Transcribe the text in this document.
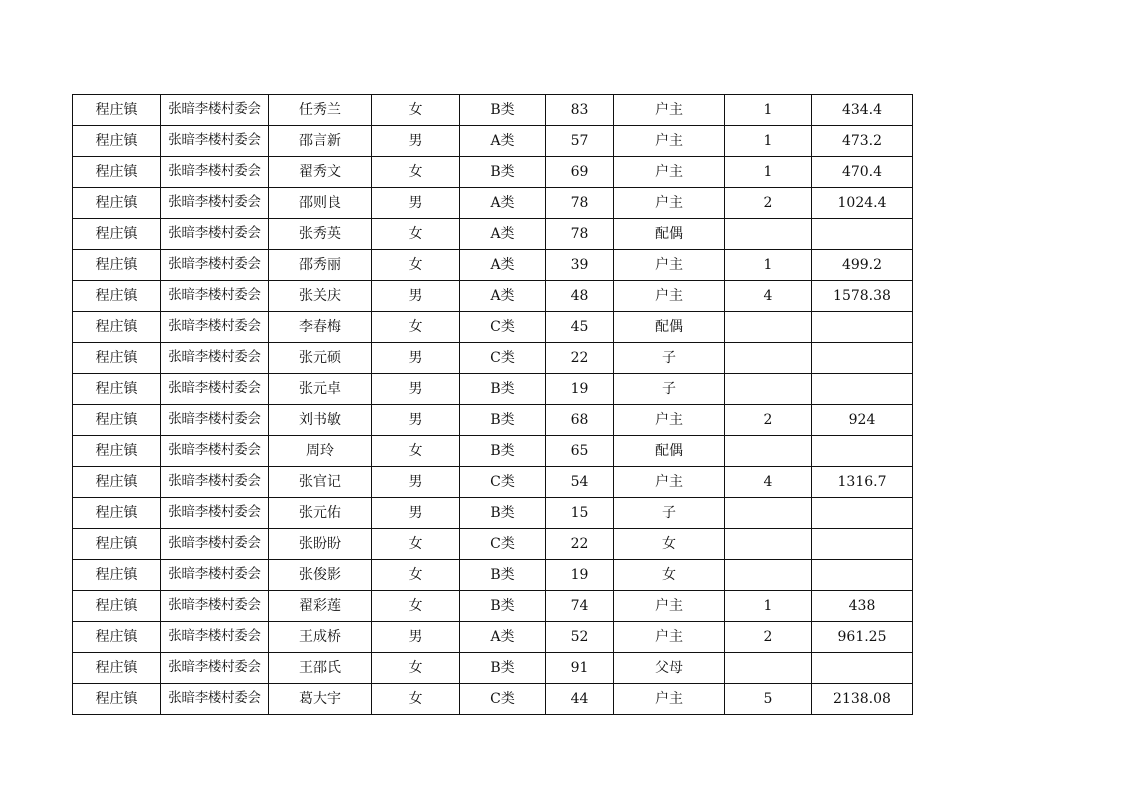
程庄镇	张暗李楼村委会	任秀兰	女	B类	83	户主	1	434.4
程庄镇	张暗李楼村委会	邵言新	男	A类	57	户主	1	473.2
程庄镇	张暗李楼村委会	翟秀文	女	B类	69	户主	1	470.4
程庄镇	张暗李楼村委会	邵则良	男	A类	78	户主	2	1024.4
程庄镇	张暗李楼村委会	张秀英	女	A类	78	配偶		
程庄镇	张暗李楼村委会	邵秀丽	女	A类	39	户主	1	499.2
程庄镇	张暗李楼村委会	张关庆	男	A类	48	户主	4	1578.38
程庄镇	张暗李楼村委会	李春梅	女	C类	45	配偶		
程庄镇	张暗李楼村委会	张元硕	男	C类	22	子		
程庄镇	张暗李楼村委会	张元卓	男	B类	19	子		
程庄镇	张暗李楼村委会	刘书敏	男	B类	68	户主	2	924
程庄镇	张暗李楼村委会	周玲	女	B类	65	配偶		
程庄镇	张暗李楼村委会	张官记	男	C类	54	户主	4	1316.7
程庄镇	张暗李楼村委会	张元佑	男	B类	15	子		
程庄镇	张暗李楼村委会	张盼盼	女	C类	22	女		
程庄镇	张暗李楼村委会	张俊影	女	B类	19	女		
程庄镇	张暗李楼村委会	翟彩莲	女	B类	74	户主	1	438
程庄镇	张暗李楼村委会	王成桥	男	A类	52	户主	2	961.25
程庄镇	张暗李楼村委会	王邵氏	女	B类	91	父母		
程庄镇	张暗李楼村委会	葛大宇	女	C类	44	户主	5	2138.08
